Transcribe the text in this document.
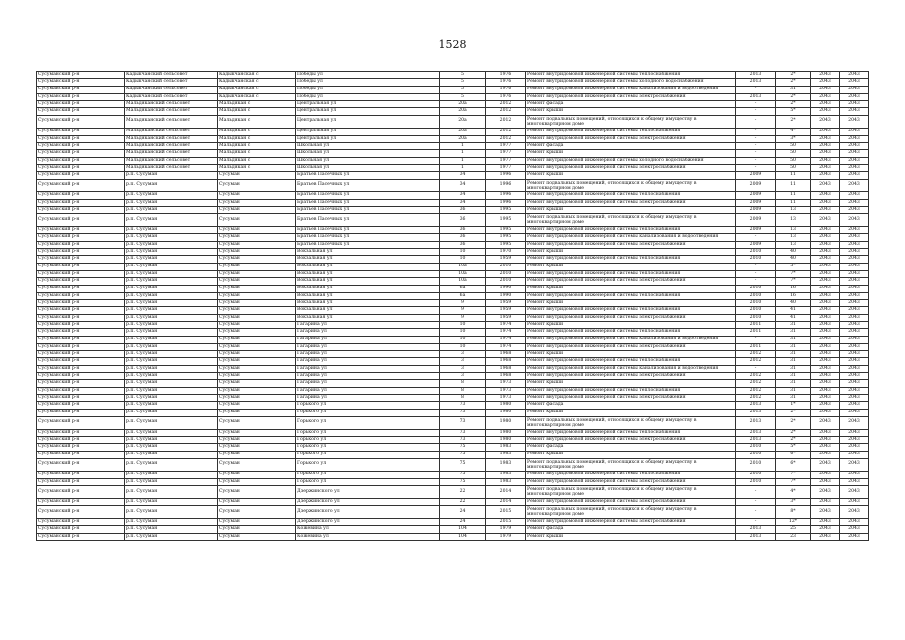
1528
Сусуманский р-н	Кадыкчанский сельсовет	Кадыкчанская с	Победы ул	5	1976	Ремонт внутридомовой инженерной системы теплоснабжения	2013	2*	2043	2043
Сусуманский р-н	Кадыкчанский сельсовет	Кадыкчанская с	Победы ул	5	1976	Ремонт внутридомовой инженерной системы холодного водоснабжения	2013	2*	2043	2043
Сусуманский р-н	Кадыкчанский сельсовет	Кадыкчанская с	Победы ул	5	1976	Ремонт внутридомовой инженерной системы канализования и водоотведения	-	31	2043	2043
Сусуманский р-н	Кадыкчанский сельсовет	Кадыкчанская с	Победы ул	5	1976	Ремонт внутридомовой инженерной системы электроснабжения	2013	2*	2043	2043
Сусуманский р-н	Мальдяканский сельсовет	Мальдякан с	Центральная ул	20а	2012	Ремонт фасада	-	2*	2043	2043
Сусуманский р-н	Мальдяканский сельсовет	Мальдякан с	Центральная ул	20а	2012	Ремонт крыши	-	5*	2043	2043
Сусуманский р-н	Мальдяканский сельсовет	Мальдякан с	Центральная ул	20а	2012	Ремонт подвальных помещений, относящихся к общему имуществу в многоквартирном доме	-	2*	2043	2043
Сусуманский р-н	Мальдяканский сельсовет	Мальдякан с	Центральная ул	20а	2012	Ремонт внутридомовой инженерной системы теплоснабжения	-	4*	2043	2043
Сусуманский р-н	Мальдяканский сельсовет	Мальдякан с	Центральная ул	20а	2012	Ремонт внутридомовой инженерной системы электроснабжения	-	3*	2043	2043
Сусуманский р-н	Мальдяканский сельсовет	Мальдякан с	Школьная ул	1	1977	Ремонт фасада	-	50	2043	2043
Сусуманский р-н	Мальдяканский сельсовет	Мальдякан с	Школьная ул	1	1977	Ремонт крыши	-	50	2043	2043
Сусуманский р-н	Мальдяканский сельсовет	Мальдякан с	Школьная ул	1	1977	Ремонт внутридомовой инженерной системы холодного водоснабжения	-	50	2043	2043
Сусуманский р-н	Мальдяканский сельсовет	Мальдякан с	Школьная ул	1	1977	Ремонт внутридомовой инженерной системы электроснабжения	-	50	2043	2043
Сусуманский р-н	р.п. Сусуман	Сусуман	Братьев Пасечных ул	34	1996	Ремонт крыши	2009	11	2043	2043
Сусуманский р-н	р.п. Сусуман	Сусуман	Братьев Пасечных ул	34	1996	Ремонт подвальных помещений, относящихся к общему имуществу в многоквартирном доме	2009	11	2043	2043
Сусуманский р-н	р.п. Сусуман	Сусуман	Братьев Пасечных ул	34	1996	Ремонт внутридомовой инженерной системы теплоснабжения	2009	11	2043	2043
Сусуманский р-н	р.п. Сусуман	Сусуман	Братьев Пасечных ул	34	1996	Ремонт внутридомовой инженерной системы электроснабжения	2009	11	2043	2043
Сусуманский р-н	р.п. Сусуман	Сусуман	Братьев Пасечных ул	36	1995	Ремонт крыши	2009	13	2043	2043
Сусуманский р-н	р.п. Сусуман	Сусуман	Братьев Пасечных ул	36	1995	Ремонт подвальных помещений, относящихся к общему имуществу в многоквартирном доме	2009	13	2043	2043
Сусуманский р-н	р.п. Сусуман	Сусуман	Братьев Пасечных ул	36	1995	Ремонт внутридомовой инженерной системы теплоснабжения	2009	13	2043	2043
Сусуманский р-н	р.п. Сусуман	Сусуман	Братьев Пасечных ул	36	1995	Ремонт внутридомовой инженерной системы канализования и водоотведения	-	13	2043	2043
Сусуманский р-н	р.п. Сусуман	Сусуман	Братьев Пасечных ул	36	1995	Ремонт внутридомовой инженерной системы электроснабжения	2009	13	2043	2043
Сусуманский р-н	р.п. Сусуман	Сусуман	Вокзальная ул	10	1970	Ремонт крыши	2010	40	2043	2043
Сусуманский р-н	р.п. Сусуман	Сусуман	Вокзальная ул	10	1959	Ремонт внутридомовой инженерной системы теплоснабжения	2010	40	2043	2043
Сусуманский р-н	р.п. Сусуман	Сусуман	Вокзальная ул	10а	2010	Ремонт крыши	-	5*	2043	2043
Сусуманский р-н	р.п. Сусуман	Сусуман	Вокзальная ул	10а	2010	Ремонт внутридомовой инженерной системы теплоснабжения	-	7*	2043	2043
Сусуманский р-н	р.п. Сусуман	Сусуман	Вокзальная ул	10а	2010	Ремонт внутридомовой инженерной системы электроснабжения	-	7*	2043	2043
Сусуманский р-н	р.п. Сусуман	Сусуман	Вокзальная ул	6а	1990	Ремонт крыши	2010	16	2043	2043
Сусуманский р-н	р.п. Сусуман	Сусуман	Вокзальная ул	6а	1990	Ремонт внутридомовой инженерной системы теплоснабжения	2010	16	2043	2043
Сусуманский р-н	р.п. Сусуман	Сусуман	Вокзальная ул	9	1959	Ремонт крыши	2010	40	2043	2043
Сусуманский р-н	р.п. Сусуман	Сусуман	Вокзальная ул	9	1959	Ремонт внутридомовой инженерной системы теплоснабжения	2010	41	2043	2043
Сусуманский р-н	р.п. Сусуман	Сусуман	Вокзальная ул	9	1959	Ремонт внутридомовой инженерной системы электроснабжения	2010	41	2043	2043
Сусуманский р-н	р.п. Сусуман	Сусуман	Гагарина ул	10	1974	Ремонт крыши	2011	31	2043	2043
Сусуманский р-н	р.п. Сусуман	Сусуман	Гагарина ул	10	1974	Ремонт внутридомовой инженерной системы теплоснабжения	2011	31	2043	2043
Сусуманский р-н	р.п. Сусуман	Сусуман	Гагарина ул	10	1974	Ремонт внутридомовой инженерной системы канализования и водоотведения	-	31	2043	2043
Сусуманский р-н	р.п. Сусуман	Сусуман	Гагарина ул	10	1974	Ремонт внутридомовой инженерной системы электроснабжения	2011	31	2043	2043
Сусуманский р-н	р.п. Сусуман	Сусуман	Гагарина ул	3	1968	Ремонт крыши	2012	31	2043	2043
Сусуманский р-н	р.п. Сусуман	Сусуман	Гагарина ул	3	1968	Ремонт внутридомовой инженерной системы теплоснабжения	2012	31	2043	2043
Сусуманский р-н	р.п. Сусуман	Сусуман	Гагарина ул	3	1968	Ремонт внутридомовой инженерной системы канализования и водоотведения	-	31	2043	2043
Сусуманский р-н	р.п. Сусуман	Сусуман	Гагарина ул	3	1968	Ремонт внутридомовой инженерной системы электроснабжения	2012	31	2043	2043
Сусуманский р-н	р.п. Сусуман	Сусуман	Гагарина ул	8	1973	Ремонт крыши	2012	31	2043	2043
Сусуманский р-н	р.п. Сусуман	Сусуман	Гагарина ул	8	1973	Ремонт внутридомовой инженерной системы теплоснабжения	2012	31	2043	2043
Сусуманский р-н	р.п. Сусуман	Сусуман	Гагарина ул	8	1973	Ремонт внутридомовой инженерной системы электроснабжения	2012	31	2043	2043
Сусуманский р-н	р.п. Сусуман	Сусуман	Горького ул	73	1980	Ремонт фасада	2013	1*	2043	2043
Сусуманский р-н	р.п. Сусуман	Сусуман	Горького ул	73	1980	Ремонт крыши	2013	2*	2043	2043
Сусуманский р-н	р.п. Сусуман	Сусуман	Горького ул	73	1980	Ремонт подвальных помещений, относящихся к общему имуществу в многоквартирном доме	2013	2*	2043	2043
Сусуманский р-н	р.п. Сусуман	Сусуман	Горького ул	73	1980	Ремонт внутридомовой инженерной системы теплоснабжения	2013	2*	2043	2043
Сусуманский р-н	р.п. Сусуман	Сусуман	Горького ул	73	1980	Ремонт внутридомовой инженерной системы электроснабжения	2013	2*	2043	2043
Сусуманский р-н	р.п. Сусуман	Сусуман	Горького ул	75	1983	Ремонт фасада	2010	5*	2043	2043
Сусуманский р-н	р.п. Сусуман	Сусуман	Горького ул	75	1983	Ремонт крыши	2010	6*	2043	2043
Сусуманский р-н	р.п. Сусуман	Сусуман	Горького ул	75	1983	Ремонт подвальных помещений, относящихся к общему имуществу в многоквартирном доме	2010	6*	2043	2043
Сусуманский р-н	р.п. Сусуман	Сусуман	Горького ул	75	1983	Ремонт внутридомовой инженерной системы теплоснабжения	2010	7*	2043	2043
Сусуманский р-н	р.п. Сусуман	Сусуман	Горького ул	75	1983	Ремонт внутридомовой инженерной системы электроснабжения	2010	7*	2043	2043
Сусуманский р-н	р.п. Сусуман	Сусуман	Дзержинского ул	22	2014	Ремонт подвальных помещений, относящихся к общему имуществу в многоквартирном доме	-	4*	2043	2043
Сусуманский р-н	р.п. Сусуман	Сусуман	Дзержинского ул	22	2014	Ремонт внутридомовой инженерной системы электроснабжения	-	3*	2043	2043
Сусуманский р-н	р.п. Сусуман	Сусуман	Дзержинского ул	24	2015	Ремонт подвальных помещений, относящихся к общему имуществу в многоквартирном доме	-	8*	2043	2043
Сусуманский р-н	р.п. Сусуман	Сусуман	Дзержинского ул	24	2015	Ремонт внутридомовой инженерной системы электроснабжения	-	12*	2043	2043
Сусуманский р-н	р.п. Сусуман	Сусуман	Кожевина ул	104	1979	Ремонт фасада	2013	25	2043	2043
Сусуманский р-н	р.п. Сусуман	Сусуман	Кожевина ул	104	1979	Ремонт крыши	2013	23	2043	2043
